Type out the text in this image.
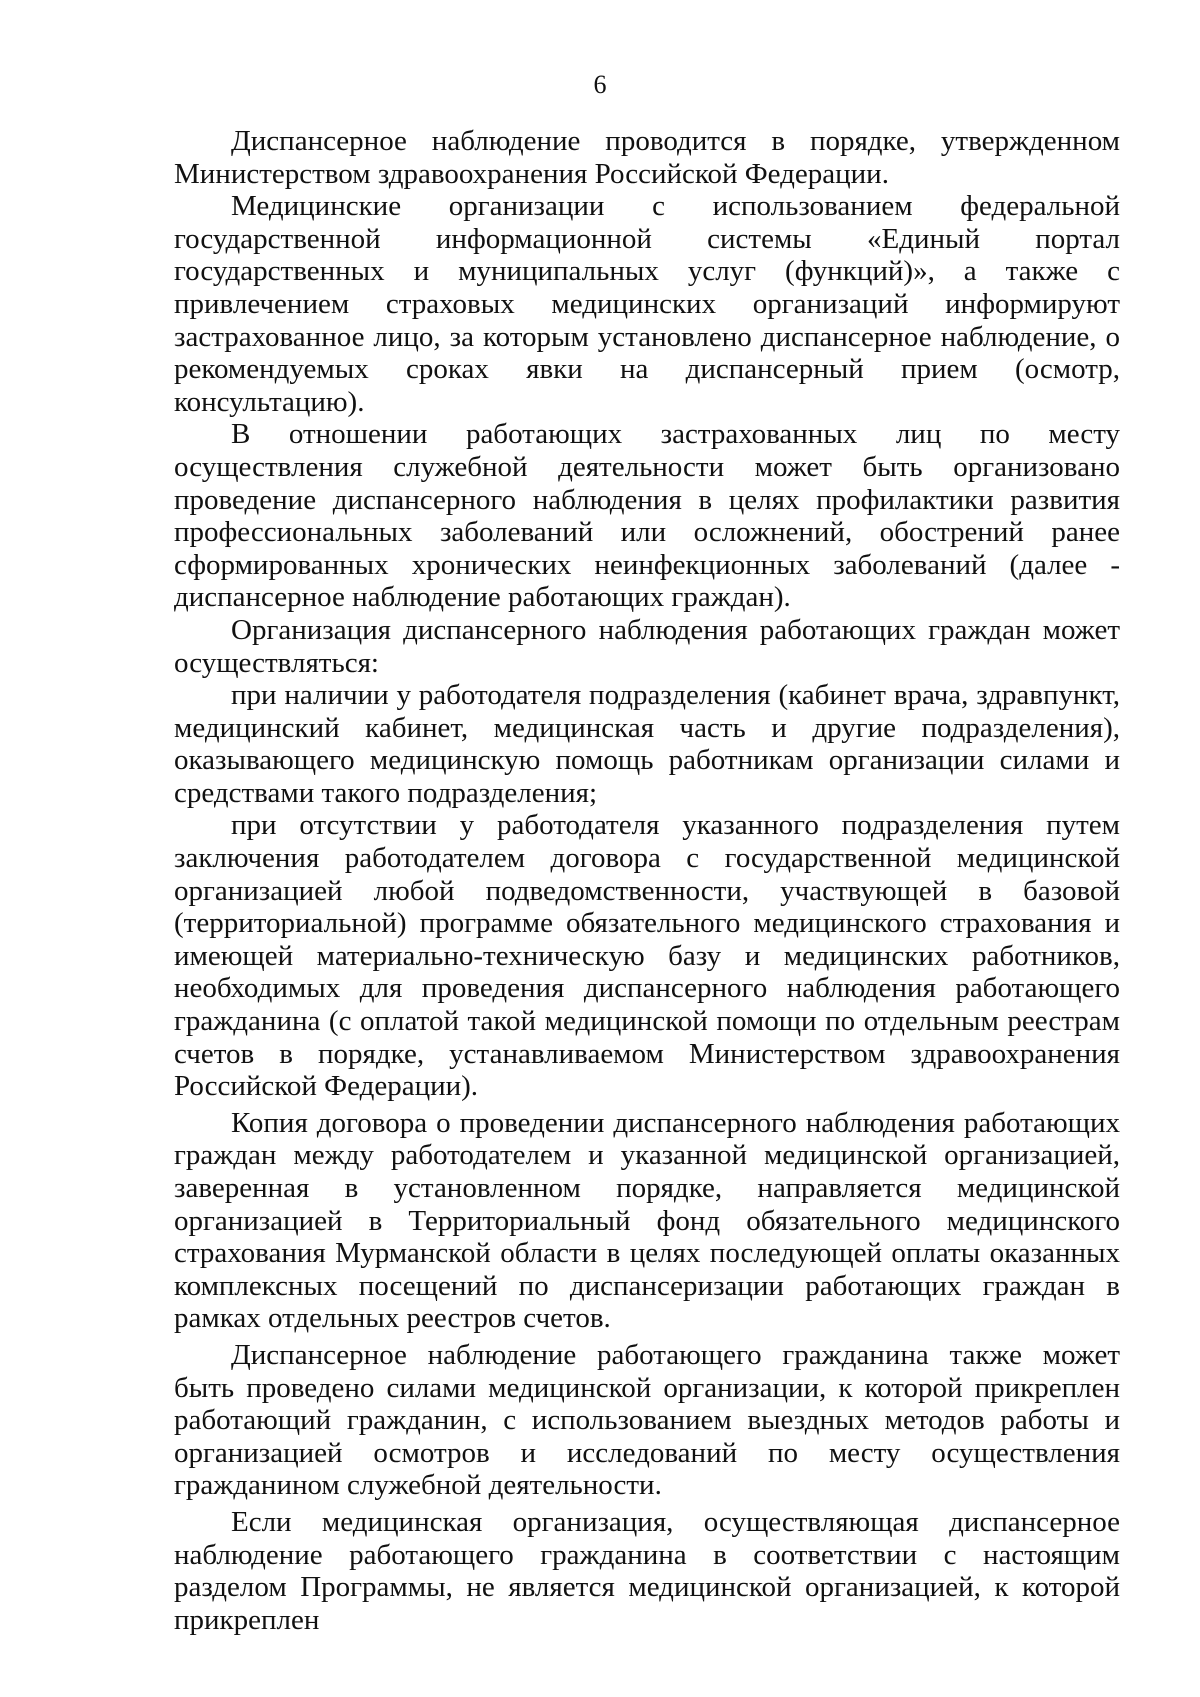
6

Диспансерное наблюдение проводится в порядке, утвержденном Министерством здравоохранения Российской Федерации.

Медицинские организации с использованием федеральной государственной информационной системы «Единый портал государственных и муниципальных услуг (функций)», а также с привлечением страховых медицинских организаций информируют застрахованное лицо, за которым установлено диспансерное наблюдение, о рекомендуемых сроках явки на диспансерный прием (осмотр, консультацию).

В отношении работающих застрахованных лиц по месту осуществления служебной деятельности может быть организовано проведение диспансерного наблюдения в целях профилактики развития профессиональных заболеваний или осложнений, обострений ранее сформированных хронических неинфекционных заболеваний (далее - диспансерное наблюдение работающих граждан).

Организация диспансерного наблюдения работающих граждан может осуществляться:

при наличии у работодателя подразделения (кабинет врача, здравпункт, медицинский кабинет, медицинская часть и другие подразделения), оказывающего медицинскую помощь работникам организации силами и средствами такого подразделения;

при отсутствии у работодателя указанного подразделения путем заключения работодателем договора с государственной медицинской организацией любой подведомственности, участвующей в базовой (территориальной) программе обязательного медицинского страхования и имеющей материально-техническую базу и медицинских работников, необходимых для проведения диспансерного наблюдения работающего гражданина (с оплатой такой медицинской помощи по отдельным реестрам счетов в порядке, устанавливаемом Министерством здравоохранения Российской Федерации).

Копия договора о проведении диспансерного наблюдения работающих граждан между работодателем и указанной медицинской организацией, заверенная в установленном порядке, направляется медицинской организацией в Территориальный фонд обязательного медицинского страхования Мурманской области в целях последующей оплаты оказанных комплексных посещений по диспансеризации работающих граждан в рамках отдельных реестров счетов.

Диспансерное наблюдение работающего гражданина также может быть проведено силами медицинской организации, к которой прикреплен работающий гражданин, с использованием выездных методов работы и организацией осмотров и исследований по месту осуществления гражданином служебной деятельности.

Если медицинская организация, осуществляющая диспансерное наблюдение работающего гражданина в соответствии с настоящим разделом Программы, не является медицинской организацией, к которой прикреплен
